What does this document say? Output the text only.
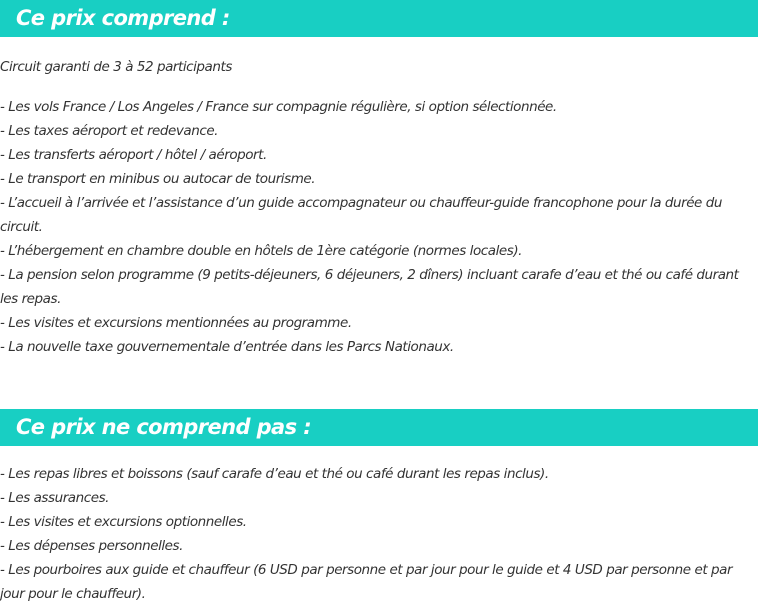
Ce prix comprend :

Circuit garanti de 3 à 52 participants

- Les vols France / Los Angeles / France sur compagnie régulière, si option sélectionnée.
- Les taxes aéroport et redevance.
- Les transferts aéroport / hôtel / aéroport.
- Le transport en minibus ou autocar de tourisme.
- L’accueil à l’arrivée et l’assistance d’un guide accompagnateur ou chauffeur-guide francophone pour la durée du circuit.
- L’hébergement en chambre double en hôtels de 1ère catégorie (normes locales).
- La pension selon programme (9 petits-déjeuners, 6 déjeuners, 2 dîners) incluant carafe d’eau et thé ou café durant les repas.
- Les visites et excursions mentionnées au programme.
- La nouvelle taxe gouvernementale d’entrée dans les Parcs Nationaux.
Ce prix ne comprend pas :
- Les repas libres et boissons (sauf carafe d’eau et thé ou café durant les repas inclus).
- Les assurances.
- Les visites et excursions optionnelles.
- Les dépenses personnelles.
- Les pourboires aux guide et chauffeur (6 USD par personne et par jour pour le guide et 4 USD par personne et par jour pour le chauffeur).
